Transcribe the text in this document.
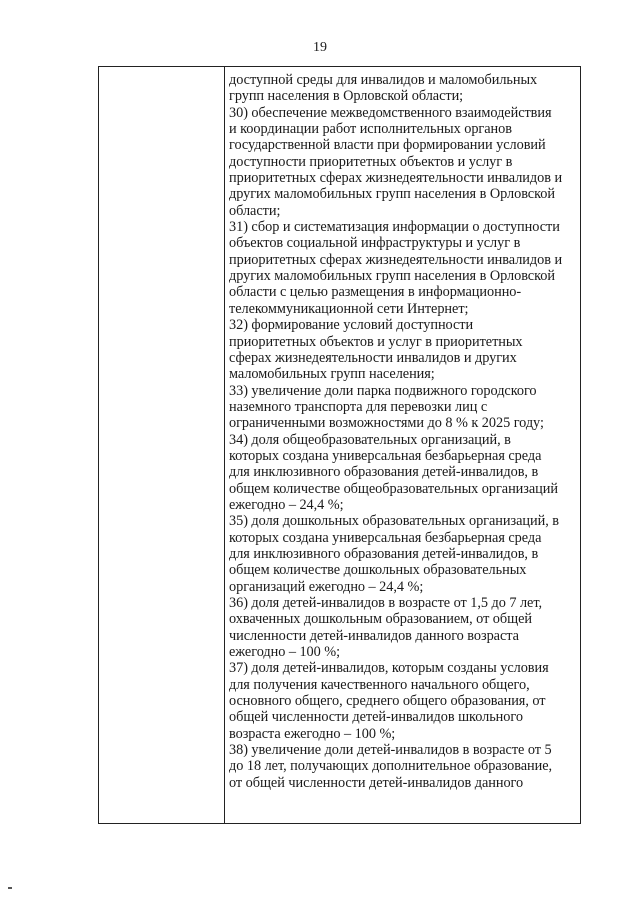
19
доступной среды для инвалидов и маломобильных
групп населения в Орловской области;
30) обеспечение межведомственного взаимодействия
и координации работ исполнительных органов
государственной власти при формировании условий
доступности приоритетных объектов и услуг в
приоритетных сферах жизнедеятельности инвалидов и
других маломобильных групп населения в Орловской
области;
31) сбор и систематизация информации о доступности
объектов социальной инфраструктуры и услуг в
приоритетных сферах жизнедеятельности инвалидов и
других маломобильных групп населения в Орловской
области с целью размещения в информационно-
телекоммуникационной сети Интернет;
32) формирование условий доступности
приоритетных объектов и услуг в приоритетных
сферах жизнедеятельности инвалидов и других
маломобильных групп населения;
33) увеличение доли парка подвижного городского
наземного транспорта для перевозки лиц с
ограниченными возможностями до 8 % к 2025 году;
34) доля общеобразовательных организаций, в
которых создана универсальная безбарьерная среда
для инклюзивного образования детей-инвалидов, в
общем количестве общеобразовательных организаций
ежегодно – 24,4 %;
35) доля дошкольных образовательных организаций, в
которых создана универсальная безбарьерная среда
для инклюзивного образования детей-инвалидов, в
общем количестве дошкольных образовательных
организаций ежегодно – 24,4 %;
36) доля детей-инвалидов в возрасте от 1,5 до 7 лет,
охваченных дошкольным образованием, от общей
численности детей-инвалидов данного возраста
ежегодно – 100 %;
37) доля детей-инвалидов, которым созданы условия
для получения качественного начального общего,
основного общего, среднего общего образования, от
общей численности детей-инвалидов школьного
возраста ежегодно – 100 %;
38) увеличение доли детей-инвалидов в возрасте от 5
до 18 лет, получающих дополнительное образование,
от общей численности детей-инвалидов данного
